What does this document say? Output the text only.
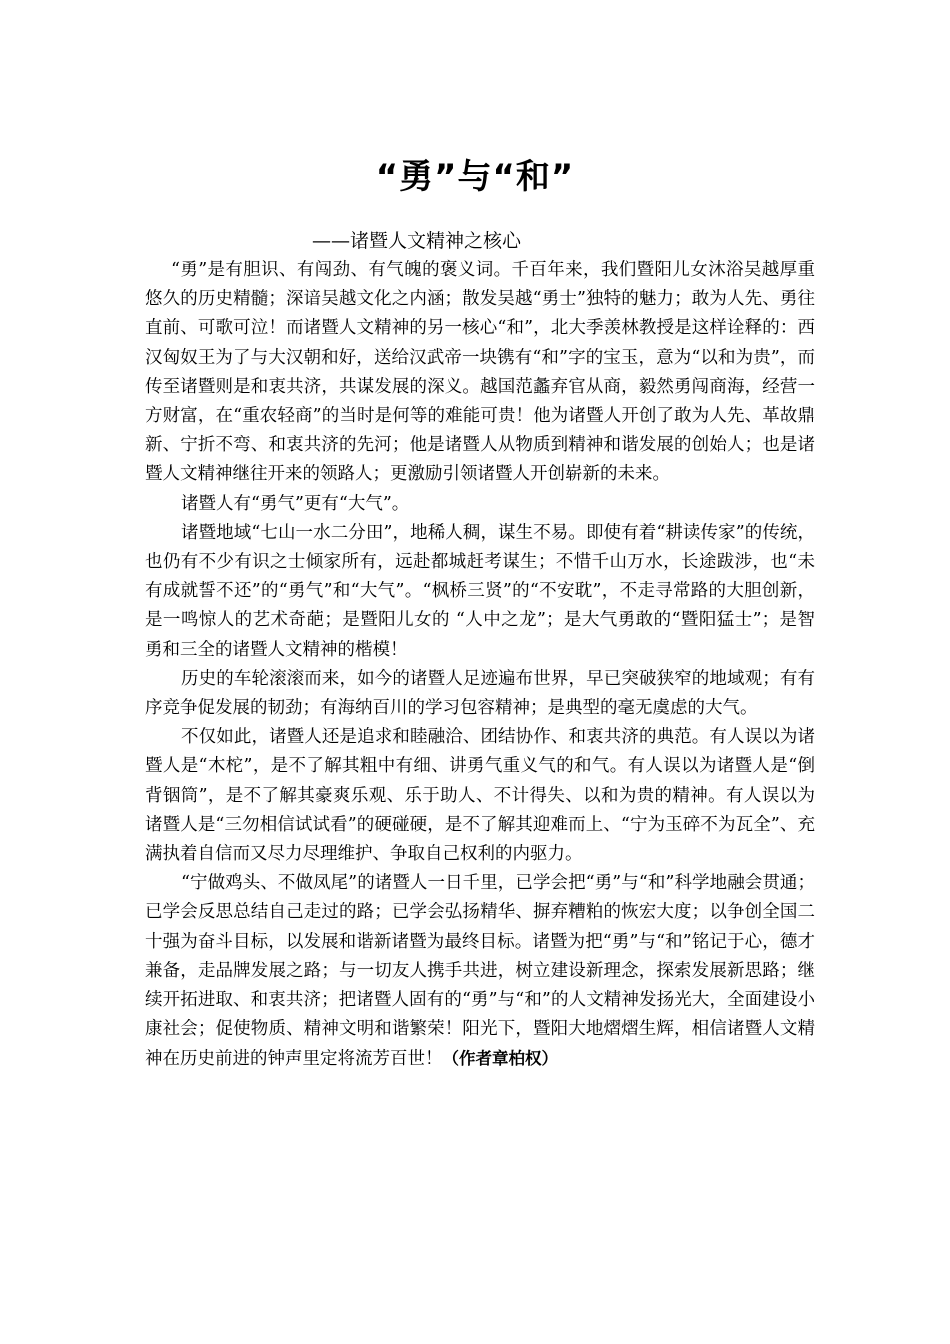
“勇”与“和”
——诸暨人文精神之核心

“勇”是有胆识、有闯劲、有气魄的褒义词。千百年来，我们暨阳儿女沐浴吴越厚重悠久的历史精髓；深谙吴越文化之内涵；散发吴越“勇士”独特的魅力；敢为人先、勇往直前、可歌可泣！而诸暨人文精神的另一核心“和”，北大季羡林教授是这样诠释的：西汉匈奴王为了与大汉朝和好，送给汉武帝一块镌有“和”字的宝玉，意为“以和为贵”，而传至诸暨则是和衷共济，共谋发展的深义。越国范蠡弃官从商，毅然勇闯商海，经营一方财富，在“重农轻商”的当时是何等的难能可贵！他为诸暨人开创了敢为人先、革故鼎新、宁折不弯、和衷共济的先河；他是诸暨人从物质到精神和谐发展的创始人；也是诸暨人文精神继往开来的领路人；更激励引领诸暨人开创崭新的未来。

诸暨人有“勇气”更有“大气”。

诸暨地域“七山一水二分田”，地稀人稠，谋生不易。即使有着“耕读传家”的传统，也仍有不少有识之士倾家所有，远赴都城赶考谋生；不惜千山万水，长途跋涉，也“未有成就誓不还”的“勇气”和“大气”。“枫桥三贤”的“不安耽”，不走寻常路的大胆创新，是一鸣惊人的艺术奇葩；是暨阳儿女的 “人中之龙”；是大气勇敢的“暨阳猛士”；是智勇和三全的诸暨人文精神的楷模！

历史的车轮滚滚而来，如今的诸暨人足迹遍布世界，早已突破狭窄的地域观；有有序竞争促发展的韧劲；有海纳百川的学习包容精神；是典型的毫无虞虑的大气。

不仅如此，诸暨人还是追求和睦融洽、团结协作、和衷共济的典范。有人误以为诸暨人是“木柁”，是不了解其粗中有细、讲勇气重义气的和气。有人误以为诸暨人是“倒背铟筒”，是不了解其豪爽乐观、乐于助人、不计得失、以和为贵的精神。有人误以为诸暨人是“三勿相信试试看”的硬碰硬，是不了解其迎难而上、“宁为玉碎不为瓦全”、充满执着自信而又尽力尽理维护、争取自己权利的内驱力。

“宁做鸡头、不做凤尾”的诸暨人一日千里，已学会把“勇”与“和”科学地融会贯通；已学会反思总结自己走过的路；已学会弘扬精华、摒弃糟粕的恢宏大度；以争创全国二十强为奋斗目标，以发展和谐新诸暨为最终目标。诸暨为把“勇”与“和”铭记于心，德才兼备，走品牌发展之路；与一切友人携手共进，树立建设新理念，探索发展新思路；继续开拓进取、和衷共济；把诸暨人固有的“勇”与“和”的人文精神发扬光大，全面建设小康社会；促使物质、精神文明和谐繁荣！阳光下，暨阳大地熠熠生辉，相信诸暨人文精神在历史前进的钟声里定将流芳百世！（作者章柏权）
